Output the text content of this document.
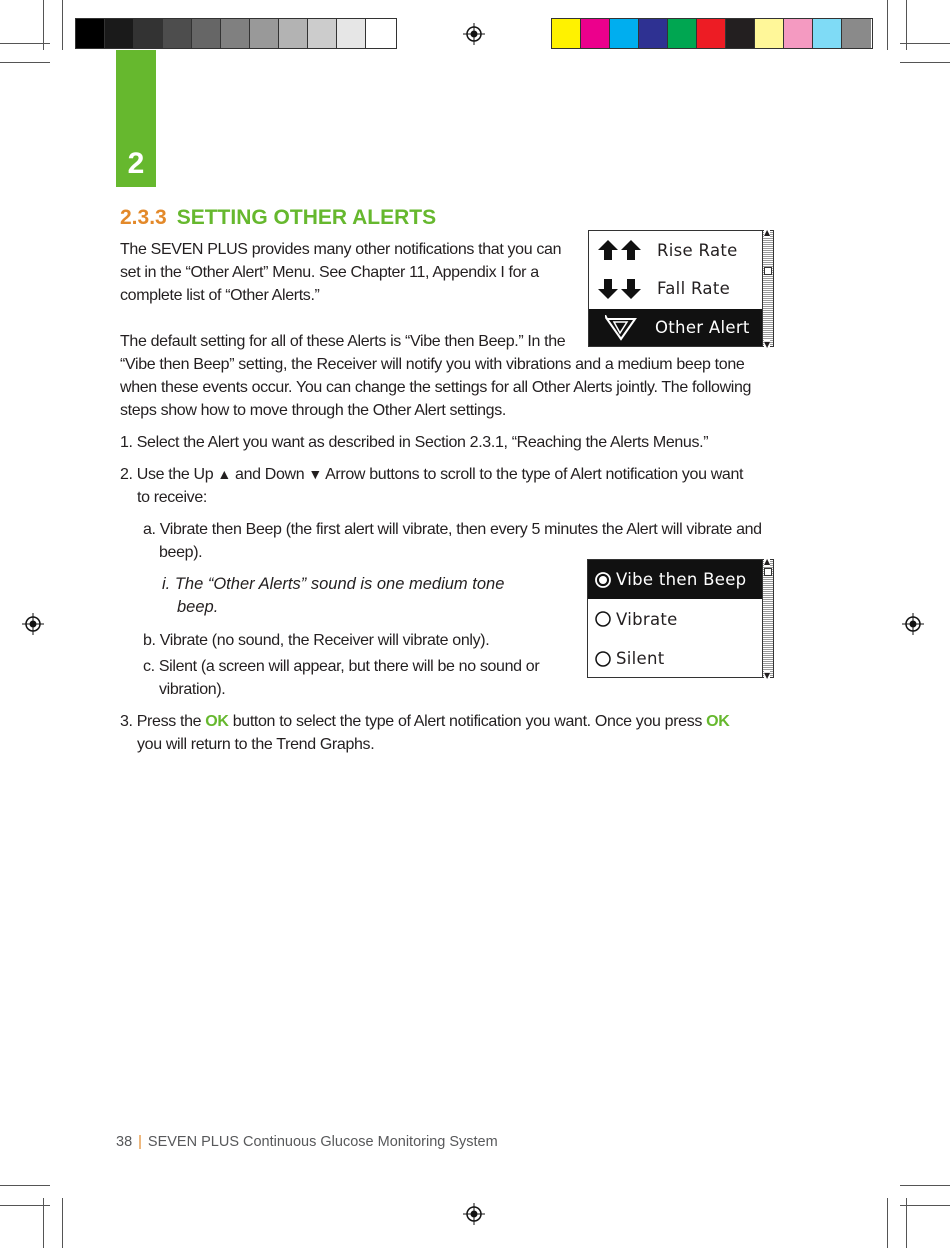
2
2.3.3 SETTING OTHER ALERTS

The SEVEN PLUS provides many other notifications that you can set in the “Other Alert” Menu. See Chapter 11, Appendix I for a complete list of “Other Alerts.”

The default setting for all of these Alerts is “Vibe then Beep.” In the

“Vibe then Beep” setting, the Receiver will notify you with vibrations and a medium beep tone when these events occur. You can change the settings for all Other Alerts jointly. The following steps show how to move through the Other Alert settings.

1. Select the Alert you want as described in Section 2.3.1, “Reaching the Alerts Menus.”

2. Use the Up ▲ and Down ▼ Arrow buttons to scroll to the type of Alert notification you want

to receive:

a. Vibrate then Beep (the first alert will vibrate, then every 5 minutes the Alert will vibrate and

beep).

i. The “Other Alerts” sound is one medium tone

beep.

b. Vibrate (no sound, the Receiver will vibrate only).

c. Silent (a screen will appear, but there will be no sound or

vibration).

3. Press the OK button to select the type of Alert notification you want. Once you press OK

you will return to the Trend Graphs.

Rise Rate
Fall Rate
Other Alert
▲
▼
Vibe then Beep
Vibrate
Silent
▲
▼
38 | SEVEN PLUS Continuous Glucose Monitoring System
